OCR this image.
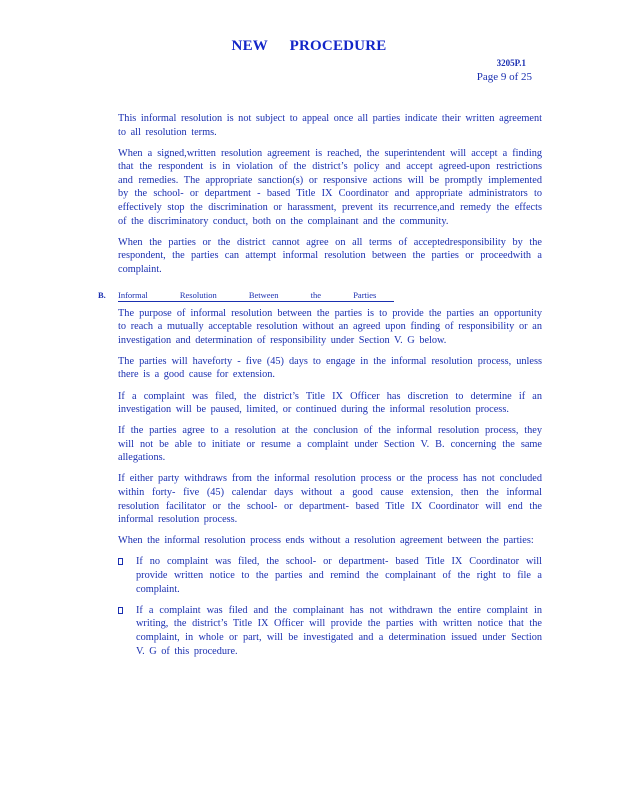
NEW PROCEDURE
3205P.1
Page 9 of 25

This informal resolution is not subject to appeal once all parties indicate their written agreement to all resolution terms.

When a signed,written resolution agreement is reached, the superintendent will accept a finding that the respondent is in violation of the district’s policy and accept agreed-upon restrictions and remedies. The appropriate sanction(s) or responsive actions will be promptly implemented by the school- or department - based Title IX Coordinator and appropriate administrators to effectively stop the discrimination or harassment, prevent its recurrence,and remedy the effects of the discriminatory conduct, both on the complainant and the community.

When the parties or the district cannot agree on all terms of acceptedresponsibility by the respondent, the parties can attempt informal resolution between the parties or proceedwith a complaint.

B. Informal Resolution Between the Parties

The purpose of informal resolution between the parties is to provide the parties an opportunity to reach a mutually acceptable resolution without an agreed upon finding of responsibility or an investigation and determination of responsibility under Section V. G below.

The parties will haveforty - five (45) days to engage in the informal resolution process, unless there is a good cause for extension.

If a complaint was filed, the district’s Title IX Officer has discretion to determine if an investigation will be paused, limited, or continued during the informal resolution process.

If the parties agree to a resolution at the conclusion of the informal resolution process, they will not be able to initiate or resume a complaint under Section V. B. concerning the same allegations.

If either party withdraws from the informal resolution process or the process has not concluded within forty- five (45) calendar days without a good cause extension, then the informal resolution facilitator or the school- or department- based Title IX Coordinator will end the informal resolution process.

When the informal resolution process ends without a resolution agreement between the parties:

If no complaint was filed, the school- or department- based Title IX Coordinator will provide written notice to the parties and remind the complainant of the right to file a complaint.
If a complaint was filed and the complainant has not withdrawn the entire complaint in writing, the district’s Title IX Officer will provide the parties with written notice that the complaint, in whole or part, will be investigated and a determination issued under Section V. G of this procedure.
